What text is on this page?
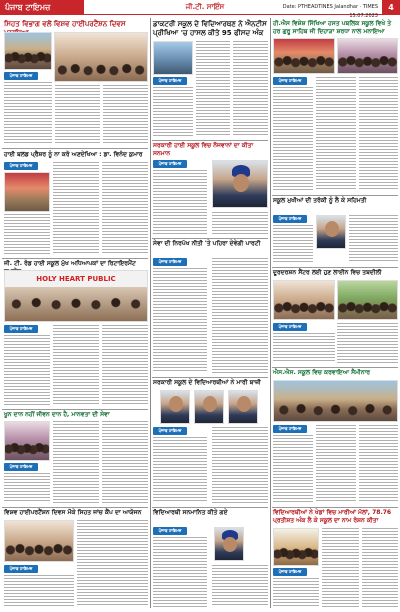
ਪੰਜਾਬ ਟਾਇਮਜ਼	ਜੀ.ਟੀ. ਸਾਇੰਸ	Date: PTHEADTINES Jalandhar · TIMES 15.07.2023
4
ਸਿਹਤ ਵਿਭਾਗ ਵਲੋਂ ਵਿਸ਼ਵ ਹਾਈਪਰਟੈਂਸ਼ਨ ਦਿਵਸ
ਪੰਜਾਬ ਟਾਇਮਜ਼
ਹਾਈ ਬਲਡ ਪ੍ਰੈਸ਼ਰ ਨੂੰ ਨਾ ਕਰੋ ਅਣਦੇਖਿਆ : ਡਾ. ਵਿਨੋਦ ਕੁਮਾਰ
ਪੰਜਾਬ ਟਾਇਮਜ਼
ਜੀ. ਟੀ. ਰੋਡ ਹਾਈ ਸਕੂਲ ਮੁੱਖ ਅਧਿਆਪਕਾਂ ਦਾ ਰਿਟਾਇਰਮੈਂਟ
HOLY HEART PUBLIC
ਪੰਜਾਬ ਟਾਇਮਜ਼
ਖੂਨ ਦਾਨ ਨਹੀਂ ਜੀਵਨ ਦਾਨ ਹੈ, ਮਾਨਵਤਾ ਦੀ ਸੇਵਾ
ਪੰਜਾਬ ਟਾਇਮਜ਼
ਵਿਸ਼ਵ ਹਾਈਪਰਟੈਂਸ਼ਨ ਦਿਵਸ ਮੌਕੇ ਸਿਹਤ ਜਾਂਚ ਕੈਂਪ ਦਾ ਆਯੋਜਨ
ਪੰਜਾਬ ਟਾਇਮਜ਼
ਡਾਕਟਰੀ ਸਕੂਲ ਦੇ ਵਿਦਿਆਰਥਣ ਨੇ ਐਨਟੀਸ ਪ੍ਰੀਖਿਆ 'ਚ ਹਾਸਲ ਕੀਤੇ 95 ਫੀਸਦ ਅੰਕ
ਪੰਜਾਬ ਟਾਇਮਜ਼
ਸਰਕਾਰੀ ਹਾਈ ਸਕੂਲ ਵਿਚ ਨੌਜਵਾਨਾਂ ਦਾ ਕੀਤਾ ਸਨਮਾਨ
ਪੰਜਾਬ ਟਾਇਮਜ਼
ਸੇਵਾ ਦੀ ਨਿਰਪੱਖ ਨੀਤੀ 'ਤੇ ਪਹਿਰਾ ਦੇਵੇਗੀ ਪਾਰਟੀ
ਪੰਜਾਬ ਟਾਇਮਜ਼
ਸਰਕਾਰੀ ਸਕੂਲ ਦੇ ਵਿਦਿਆਰਥੀਆਂ ਨੇ ਮਾਰੀ ਬਾਜ਼ੀ
ਪੰਜਾਬ ਟਾਇਮਜ਼
ਵਿਦਿਆਰਥੀ ਸਨਮਾਨਿਤ ਕੀਤੇ ਗਏ
ਪੰਜਾਬ ਟਾਇਮਜ਼
ਹੀ.ਐਸ ਵਿਸ਼ੇਸ਼ ਸਿੱਖਿਆ ਹਸਤ ਪਬਲਿਕ ਸਕੂਲ ਵਿਖੇ ਤੇ ਹਰ ਗੁਰੂ ਸਾਹਿਬ ਜੀ ਦਿਹਾੜਾ ਸ਼ਰਧਾ ਨਾਲ ਮਨਾਇਆ
ਪੰਜਾਬ ਟਾਇਮਜ਼
ਸਕੂਲ ਮੁਖੀਆਂ ਦੀ ਤਰੱਕੀ ਨੂੰ ਲੈ ਕੇ ਸਹਿਮਤੀ
ਪੰਜਾਬ ਟਾਇਮਜ਼
ਦੂਰਦਰਸ਼ਨ ਸੈਂਟਰ ਲਈ ਹੁਣ ਲਾਈਨ ਵਿਚ ਤਬਦੀਲੀ
ਪੰਜਾਬ ਟਾਇਮਜ਼
ਐਸ.ਐਸ. ਸਕੂਲ ਵਿਚ ਕਰਵਾਇਆ ਸੈਮੀਨਾਰ
ਪੰਜਾਬ ਟਾਇਮਜ਼
ਵਿਦਿਆਰਥੀਆਂ ਨੇ ਖੇਡਾਂ ਵਿਚ ਮਾਰੀਆਂ ਮੱਲਾਂ, 78.76 ਪ੍ਰਤੀਸ਼ਤ ਅੰਕ ਲੈ ਕੇ ਸਕੂਲ ਦਾ ਨਾਮ ਰੋਸ਼ਨ ਕੀਤਾ
ਪੰਜਾਬ ਟਾਇਮਜ਼
